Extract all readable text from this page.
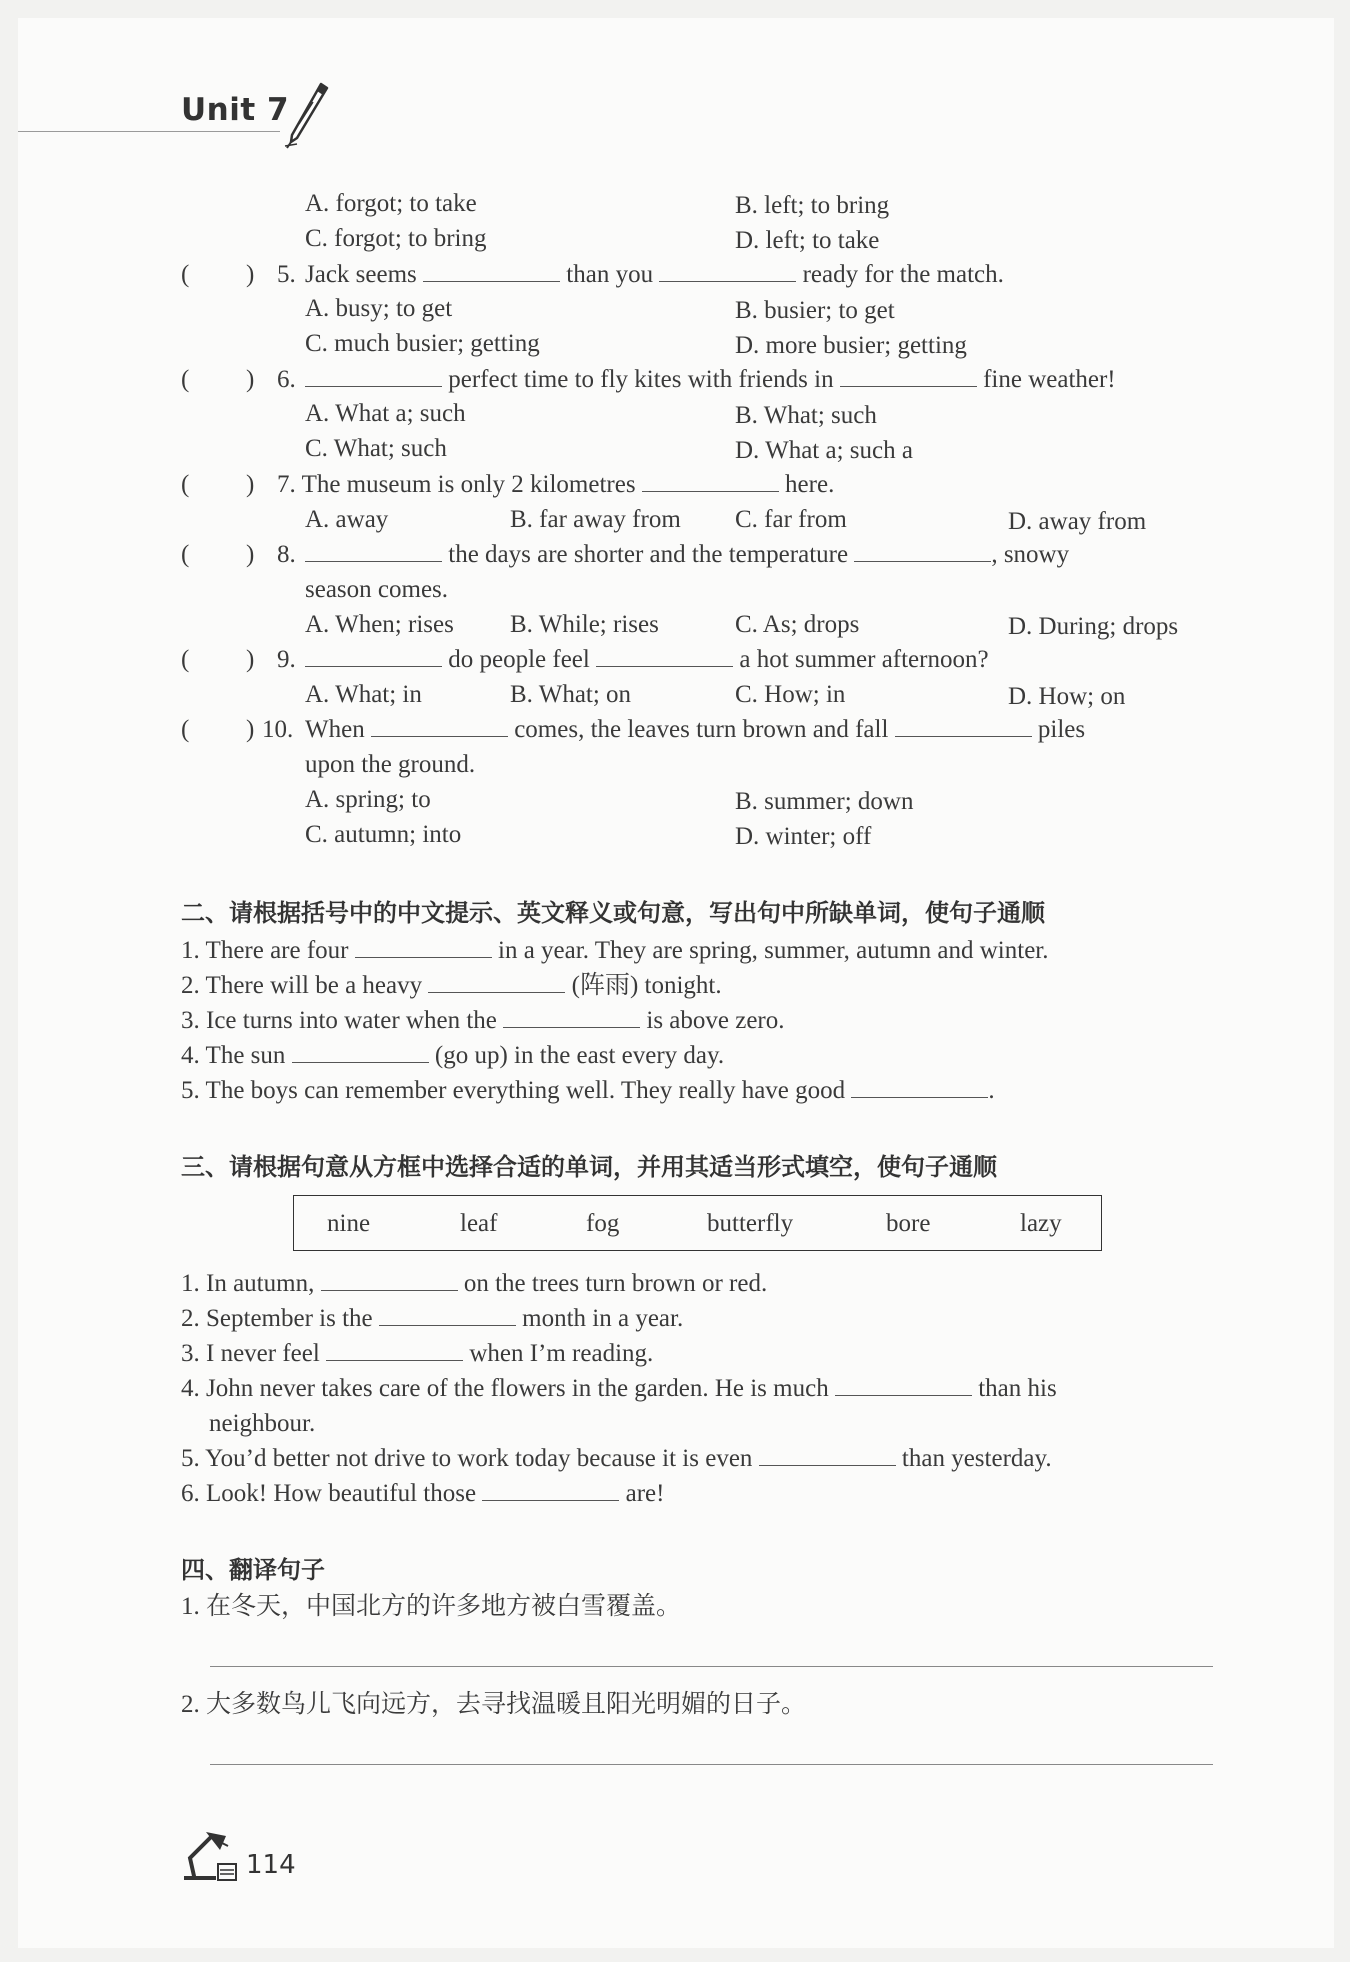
Unit 7
A. forgot; to take	B. left; to bring
C. forgot; to bring	D. left; to take
( ) 5. Jack seems	than you	ready for the match.
A. busy; to get	B. busier; to get
C. much busier; getting	D. more busier; getting
( ) 6.	perfect time to fly kites with friends in	fine weather!
A. What a; such	B. What; such
C. What; such	D. What a; such a
( ) 7. The museum is only 2 kilometres	here.
A. away	B. far away from C. far from	D. away from
( ) 8.	the days are shorter and the temperature	, snowy
season comes.
A. When; rises B. While; rises	C. As; drops	D. During; drops
( ) 9.	do people feel	a hot summer afternoon?
A. What; in	B. What; on	C. How; in	D. How; on
( ) 10. When	comes, the leaves turn brown and fall	piles
upon the ground.
A. spring; to	B. summer; down
C. autumn; into	D. winter; off
二、请根据括号中的中文提示、英文释义或句意，写出句中所缺单词，使句子通顺
1. There are four	in a year. They are spring, summer, autumn and winter.
2. There will be a heavy	(阵雨) tonight.
3. Ice turns into water when the	is above zero.
4. The sun	(go up) in the east every day.
5. The boys can remember everything well. They really have good	.
三、请根据句意从方框中选择合适的单词，并用其适当形式填空，使句子通顺
nine	leaf	fog	butterfly	bore	lazy
1. In autumn,	on the trees turn brown or red.
2. September is the	month in a year.
3. I never feel	when I’m reading.
4. John never takes care of the flowers in the garden. He is much	than his
neighbour.
5. You’d better not drive to work today because it is even	than yesterday.
6. Look! How beautiful those	are!
四、翻译句子
1. 在冬天，中国北方的许多地方被白雪覆盖。
2. 大多数鸟儿飞向远方，去寻找温暖且阳光明媚的日子。
114
